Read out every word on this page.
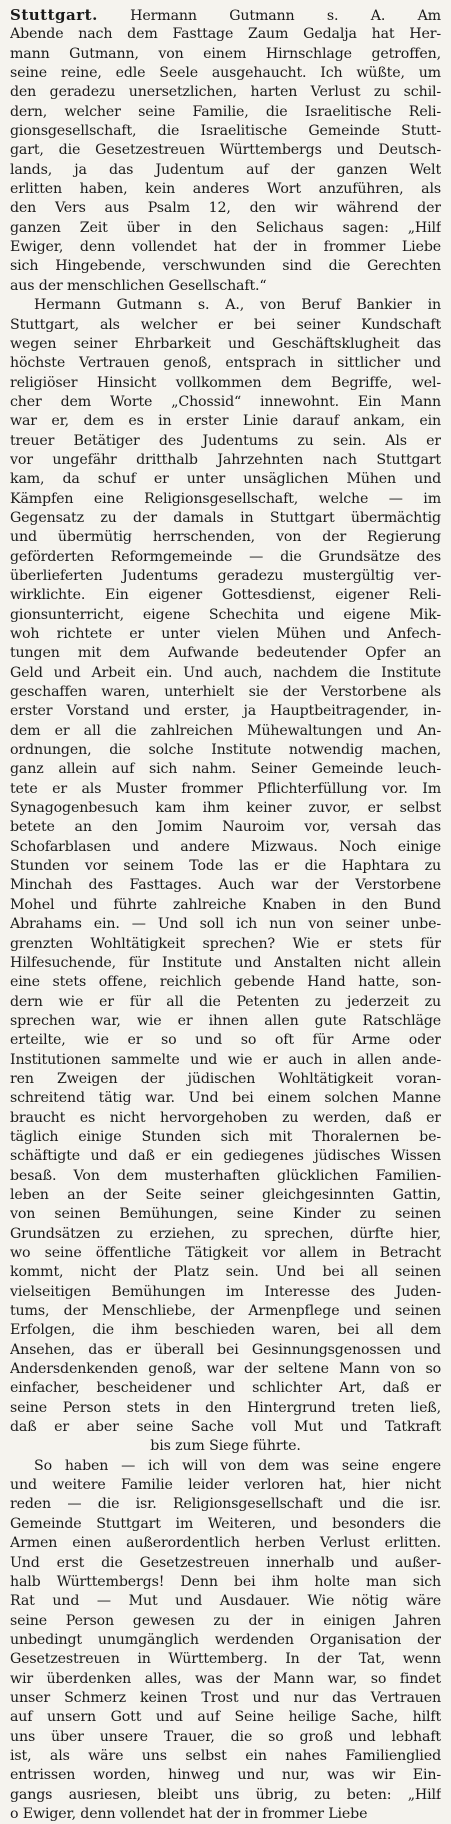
Stuttgart. Hermann Gutmann s. A. Am
Abende nach dem Fasttage Zaum Gedalja hat Her-
mann Gutmann, von einem Hirnschlage getroffen,
seine reine, edle Seele ausgehaucht. Ich wüßte, um
den geradezu unersetzlichen, harten Verlust zu schil-
dern, welcher seine Familie, die Israelitische Reli-
gionsgesellschaft, die Israelitische Gemeinde Stutt-
gart, die Gesetzestreuen Württembergs und Deutsch-
lands, ja das Judentum auf der ganzen Welt
erlitten haben, kein anderes Wort anzuführen, als
den Vers aus Psalm 12, den wir während der
ganzen Zeit über in den Selichaus sagen: „Hilf
Ewiger, denn vollendet hat der in frommer Liebe
sich Hingebende, verschwunden sind die Gerechten
aus der menschlichen Gesellschaft.“
Hermann Gutmann s. A., von Beruf Bankier in
Stuttgart, als welcher er bei seiner Kundschaft
wegen seiner Ehrbarkeit und Geschäftsklugheit das
höchste Vertrauen genoß, entsprach in sittlicher und
religiöser Hinsicht vollkommen dem Begriffe, wel-
cher dem Worte „Chossid“ innewohnt. Ein Mann
war er, dem es in erster Linie darauf ankam, ein
treuer Betätiger des Judentums zu sein. Als er
vor ungefähr dritthalb Jahrzehnten nach Stuttgart
kam, da schuf er unter unsäglichen Mühen und
Kämpfen eine Religionsgesellschaft, welche — im
Gegensatz zu der damals in Stuttgart übermächtig
und übermütig herrschenden, von der Regierung
geförderten Reformgemeinde — die Grundsätze des
überlieferten Judentums geradezu mustergültig ver-
wirklichte. Ein eigener Gottesdienst, eigener Reli-
gionsunterricht, eigene Schechita und eigene Mik-
woh richtete er unter vielen Mühen und Anfech-
tungen mit dem Aufwande bedeutender Opfer an
Geld und Arbeit ein. Und auch, nachdem die Institute
geschaffen waren, unterhielt sie der Verstorbene als
erster Vorstand und erster, ja Hauptbeitragender, in-
dem er all die zahlreichen Mühewaltungen und An-
ordnungen, die solche Institute notwendig machen,
ganz allein auf sich nahm. Seiner Gemeinde leuch-
tete er als Muster frommer Pflichterfüllung vor. Im
Synagogenbesuch kam ihm keiner zuvor, er selbst
betete an den Jomim Nauroim vor, versah das
Schofarblasen und andere Mizwaus. Noch einige
Stunden vor seinem Tode las er die Haphtara zu
Minchah des Fasttages. Auch war der Verstorbene
Mohel und führte zahlreiche Knaben in den Bund
Abrahams ein. — Und soll ich nun von seiner unbe-
grenzten Wohltätigkeit sprechen? Wie er stets für
Hilfesuchende, für Institute und Anstalten nicht allein
eine stets offene, reichlich gebende Hand hatte, son-
dern wie er für all die Petenten zu jederzeit zu
sprechen war, wie er ihnen allen gute Ratschläge
erteilte, wie er so und so oft für Arme oder
Institutionen sammelte und wie er auch in allen ande-
ren Zweigen der jüdischen Wohltätigkeit voran-
schreitend tätig war. Und bei einem solchen Manne
braucht es nicht hervorgehoben zu werden, daß er
täglich einige Stunden sich mit Thoralernen be-
schäftigte und daß er ein gediegenes jüdisches Wissen
besaß. Von dem musterhaften glücklichen Familien-
leben an der Seite seiner gleichgesinnten Gattin,
von seinen Bemühungen, seine Kinder zu seinen
Grundsätzen zu erziehen, zu sprechen, dürfte hier,
wo seine öffentliche Tätigkeit vor allem in Betracht
kommt, nicht der Platz sein. Und bei all seinen
vielseitigen Bemühungen im Interesse des Juden-
tums, der Menschliebe, der Armenpflege und seinen
Erfolgen, die ihm beschieden waren, bei all dem
Ansehen, das er überall bei Gesinnungsgenossen und
Andersdenkenden genoß, war der seltene Mann von so
einfacher, bescheidener und schlichter Art, daß er
seine Person stets in den Hintergrund treten ließ,
daß er aber seine Sache voll Mut und Tatkraft
bis zum Siege führte.
So haben — ich will von dem was seine engere
und weitere Familie leider verloren hat, hier nicht
reden — die isr. Religionsgesellschaft und die isr.
Gemeinde Stuttgart im Weiteren, und besonders die
Armen einen außerordentlich herben Verlust erlitten.
Und erst die Gesetzestreuen innerhalb und außer-
halb Württembergs! Denn bei ihm holte man sich
Rat und — Mut und Ausdauer. Wie nötig wäre
seine Person gewesen zu der in einigen Jahren
unbedingt unumgänglich werdenden Organisation der
Gesetzestreuen in Württemberg. In der Tat, wenn
wir überdenken alles, was der Mann war, so findet
unser Schmerz keinen Trost und nur das Vertrauen
auf unsern Gott und auf Seine heilige Sache, hilft
uns über unsere Trauer, die so groß und lebhaft
ist, als wäre uns selbst ein nahes Familienglied
entrissen worden, hinweg und nur, was wir Ein-
gangs ausriesen, bleibt uns übrig, zu beten: „Hilf
o Ewiger, denn vollendet hat der in frommer Liebe
